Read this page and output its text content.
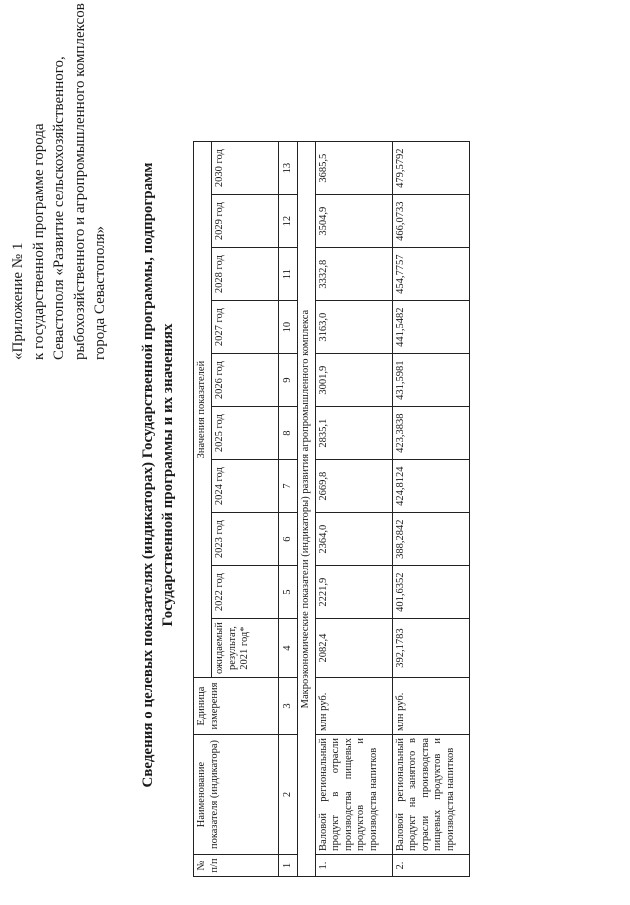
«Приложение № 1 к государственной программе города Севастополя «Развитие сельскохозяйственного, рыбохозяйственного и агропромышленного комплексов города Севастополя» Сведения о целевых показателях (индикаторах) Государственной программы, подпрограмм Государственной программы и их значениях
№ п/п	Наименование показателя (индикатора)	Единица измерения	Значения показателей									
			ожидаемый результат, 2021 год*	2022 год	2023 год	2024 год	2025 год	2026 год	2027 год	2028 год	2029 год	2030 год
1	2	3	4	5	6	7	8	9	10	11	12	13
Макроэкономические показатели (индикаторы) развития агропромышленного комплекса												
1.	Валовой региональный продукт в отрасли производства пищевых продуктов и производства напитков	млн руб.	2082,4	2221,9	2364,0	2669,8	2835,1	3001,9	3163,0	3332,8	3504,9	3685,5
2.	Валовой региональный продукт на занятого в отрасли производства пищевых продуктов и производства напитков	млн руб.	392,1783	401,6352	388,2842	424,8124	423,3838	431,5981	441,5482	454,7757	466,0733	479,5792
